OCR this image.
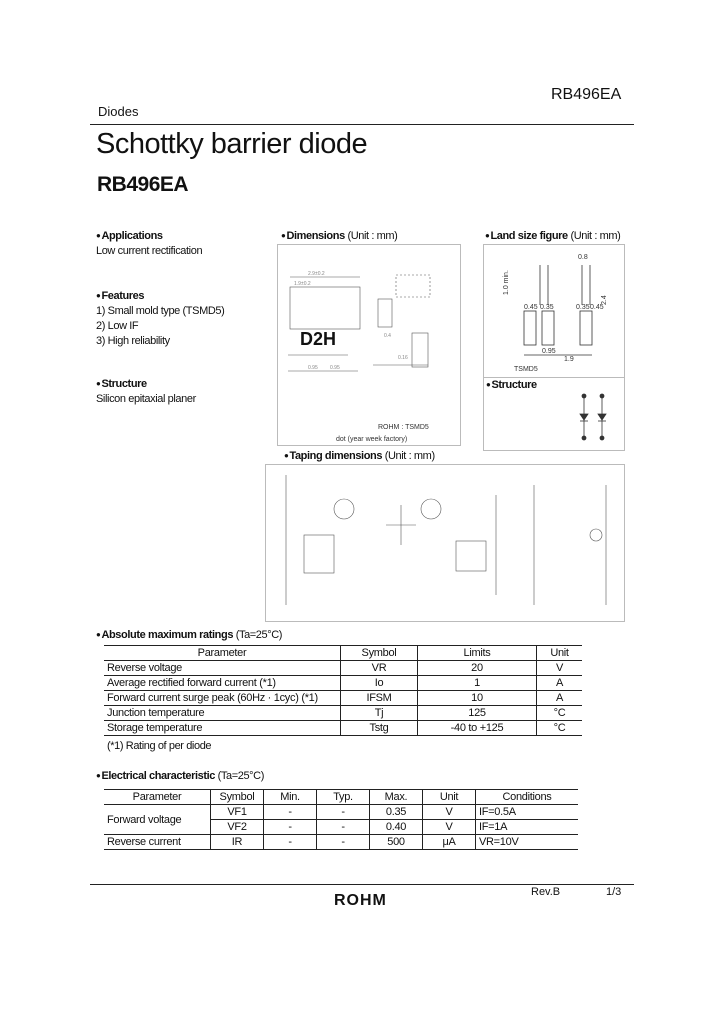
RB496EA
Diodes
Schottky barrier diode
RB496EA
● Applications
Low current rectification
● Features
1) Small mold type (TSMD5)
2) Low IF
3) High reliability
● Structure
Silicon epitaxial planer
● Dimensions (Unit : mm)
D2H
2.9±0.2
1.9±0.2
0.95 0.95
0.4
0.16
ROHM : TSMD5
dot (year week factory)
● Land size figure (Unit : mm)
0.8
1.0 min.
0.45 0.35	0.35 0.45
2.4
0.95
1.9
TSMD5
● Structure
● Taping dimensions (Unit : mm)
● Absolute maximum ratings (Ta=25°C)
Parameter	Symbol	Limits	Unit
Reverse voltage	VR	20	V
Average rectified forward current (*1)	Io	1	A
Forward current surge peak (60Hz · 1cyc) (*1)	IFSM	10	A
Junction temperature	Tj	125	°C
Storage temperature	Tstg	-40 to +125	°C
(*1) Rating of per diode
● Electrical characteristic (Ta=25°C)
Parameter	Symbol	Min.	Typ.	Max.	Unit	Conditions
Forward voltage	VF1	-	-	0.35	V	IF=0.5A
	VF2	-	-	0.40	V	IF=1A
Reverse current	IR	-	-	500	μA	VR=10V
ROHM	Rev.B	1/3
